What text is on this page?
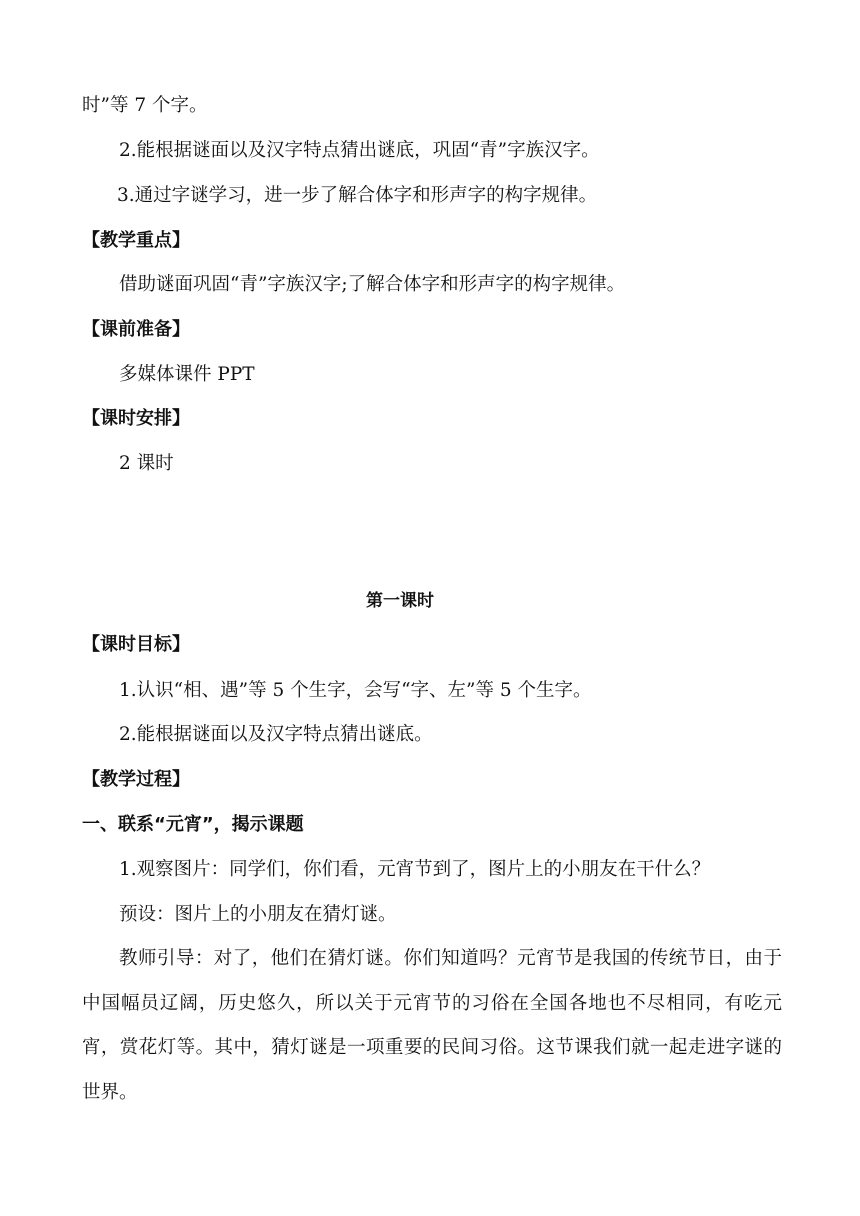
时”等 7 个字。
2.能根据谜面以及汉字特点猜出谜底，巩固“青”字族汉字。
3.通过字谜学习，进一步了解合体字和形声字的构字规律。
【教学重点】
借助谜面巩固“青”字族汉字;了解合体字和形声字的构字规律。
【课前准备】
多媒体课件 PPT
【课时安排】
2 课时
第一课时
【课时目标】
1.认识“相、遇”等 5 个生字，会写“字、左”等 5 个生字。
2.能根据谜面以及汉字特点猜出谜底。
【教学过程】
一、联系“元宵”，揭示课题
1.观察图片：同学们，你们看，元宵节到了，图片上的小朋友在干什么？
预设：图片上的小朋友在猜灯谜。
教师引导：对了，他们在猜灯谜。你们知道吗？元宵节是我国的传统节日，由于中国幅员辽阔，历史悠久，所以关于元宵节的习俗在全国各地也不尽相同，有吃元宵，赏花灯等。其中，猜灯谜是一项重要的民间习俗。这节课我们就一起走进字谜的世界。
